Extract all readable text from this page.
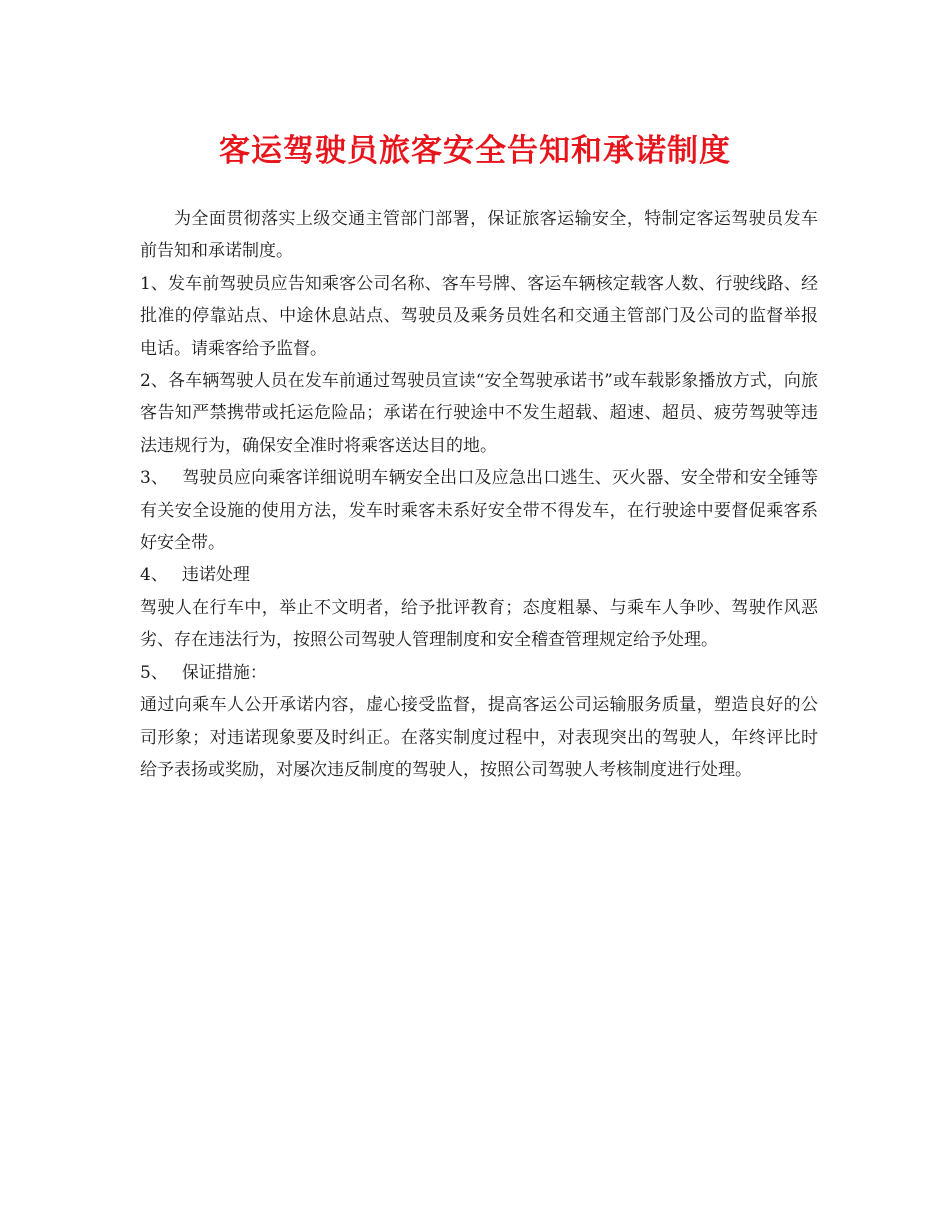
客运驾驶员旅客安全告知和承诺制度

为全面贯彻落实上级交通主管部门部署，保证旅客运输安全，特制定客运驾驶员发车前告知和承诺制度。

1、发车前驾驶员应告知乘客公司名称、客车号牌、客运车辆核定载客人数、行驶线路、经批准的停靠站点、中途休息站点、驾驶员及乘务员姓名和交通主管部门及公司的监督举报电话。请乘客给予监督。

2、各车辆驾驶人员在发车前通过驾驶员宣读“安全驾驶承诺书”或车载影象播放方式，向旅客告知严禁携带或托运危险品；承诺在行驶途中不发生超载、超速、超员、疲劳驾驶等违法违规行为，确保安全准时将乘客送达目的地。

3、 驾驶员应向乘客详细说明车辆安全出口及应急出口逃生、灭火器、安全带和安全锤等有关安全设施的使用方法，发车时乘客未系好安全带不得发车，在行驶途中要督促乘客系好安全带。

4、 违诺处理

驾驶人在行车中，举止不文明者，给予批评教育；态度粗暴、与乘车人争吵、驾驶作风恶劣、存在违法行为，按照公司驾驶人管理制度和安全稽查管理规定给予处理。

5、 保证措施：

通过向乘车人公开承诺内容，虚心接受监督，提高客运公司运输服务质量，塑造良好的公司形象；对违诺现象要及时纠正。在落实制度过程中，对表现突出的驾驶人，年终评比时给予表扬或奖励，对屡次违反制度的驾驶人，按照公司驾驶人考核制度进行处理。
